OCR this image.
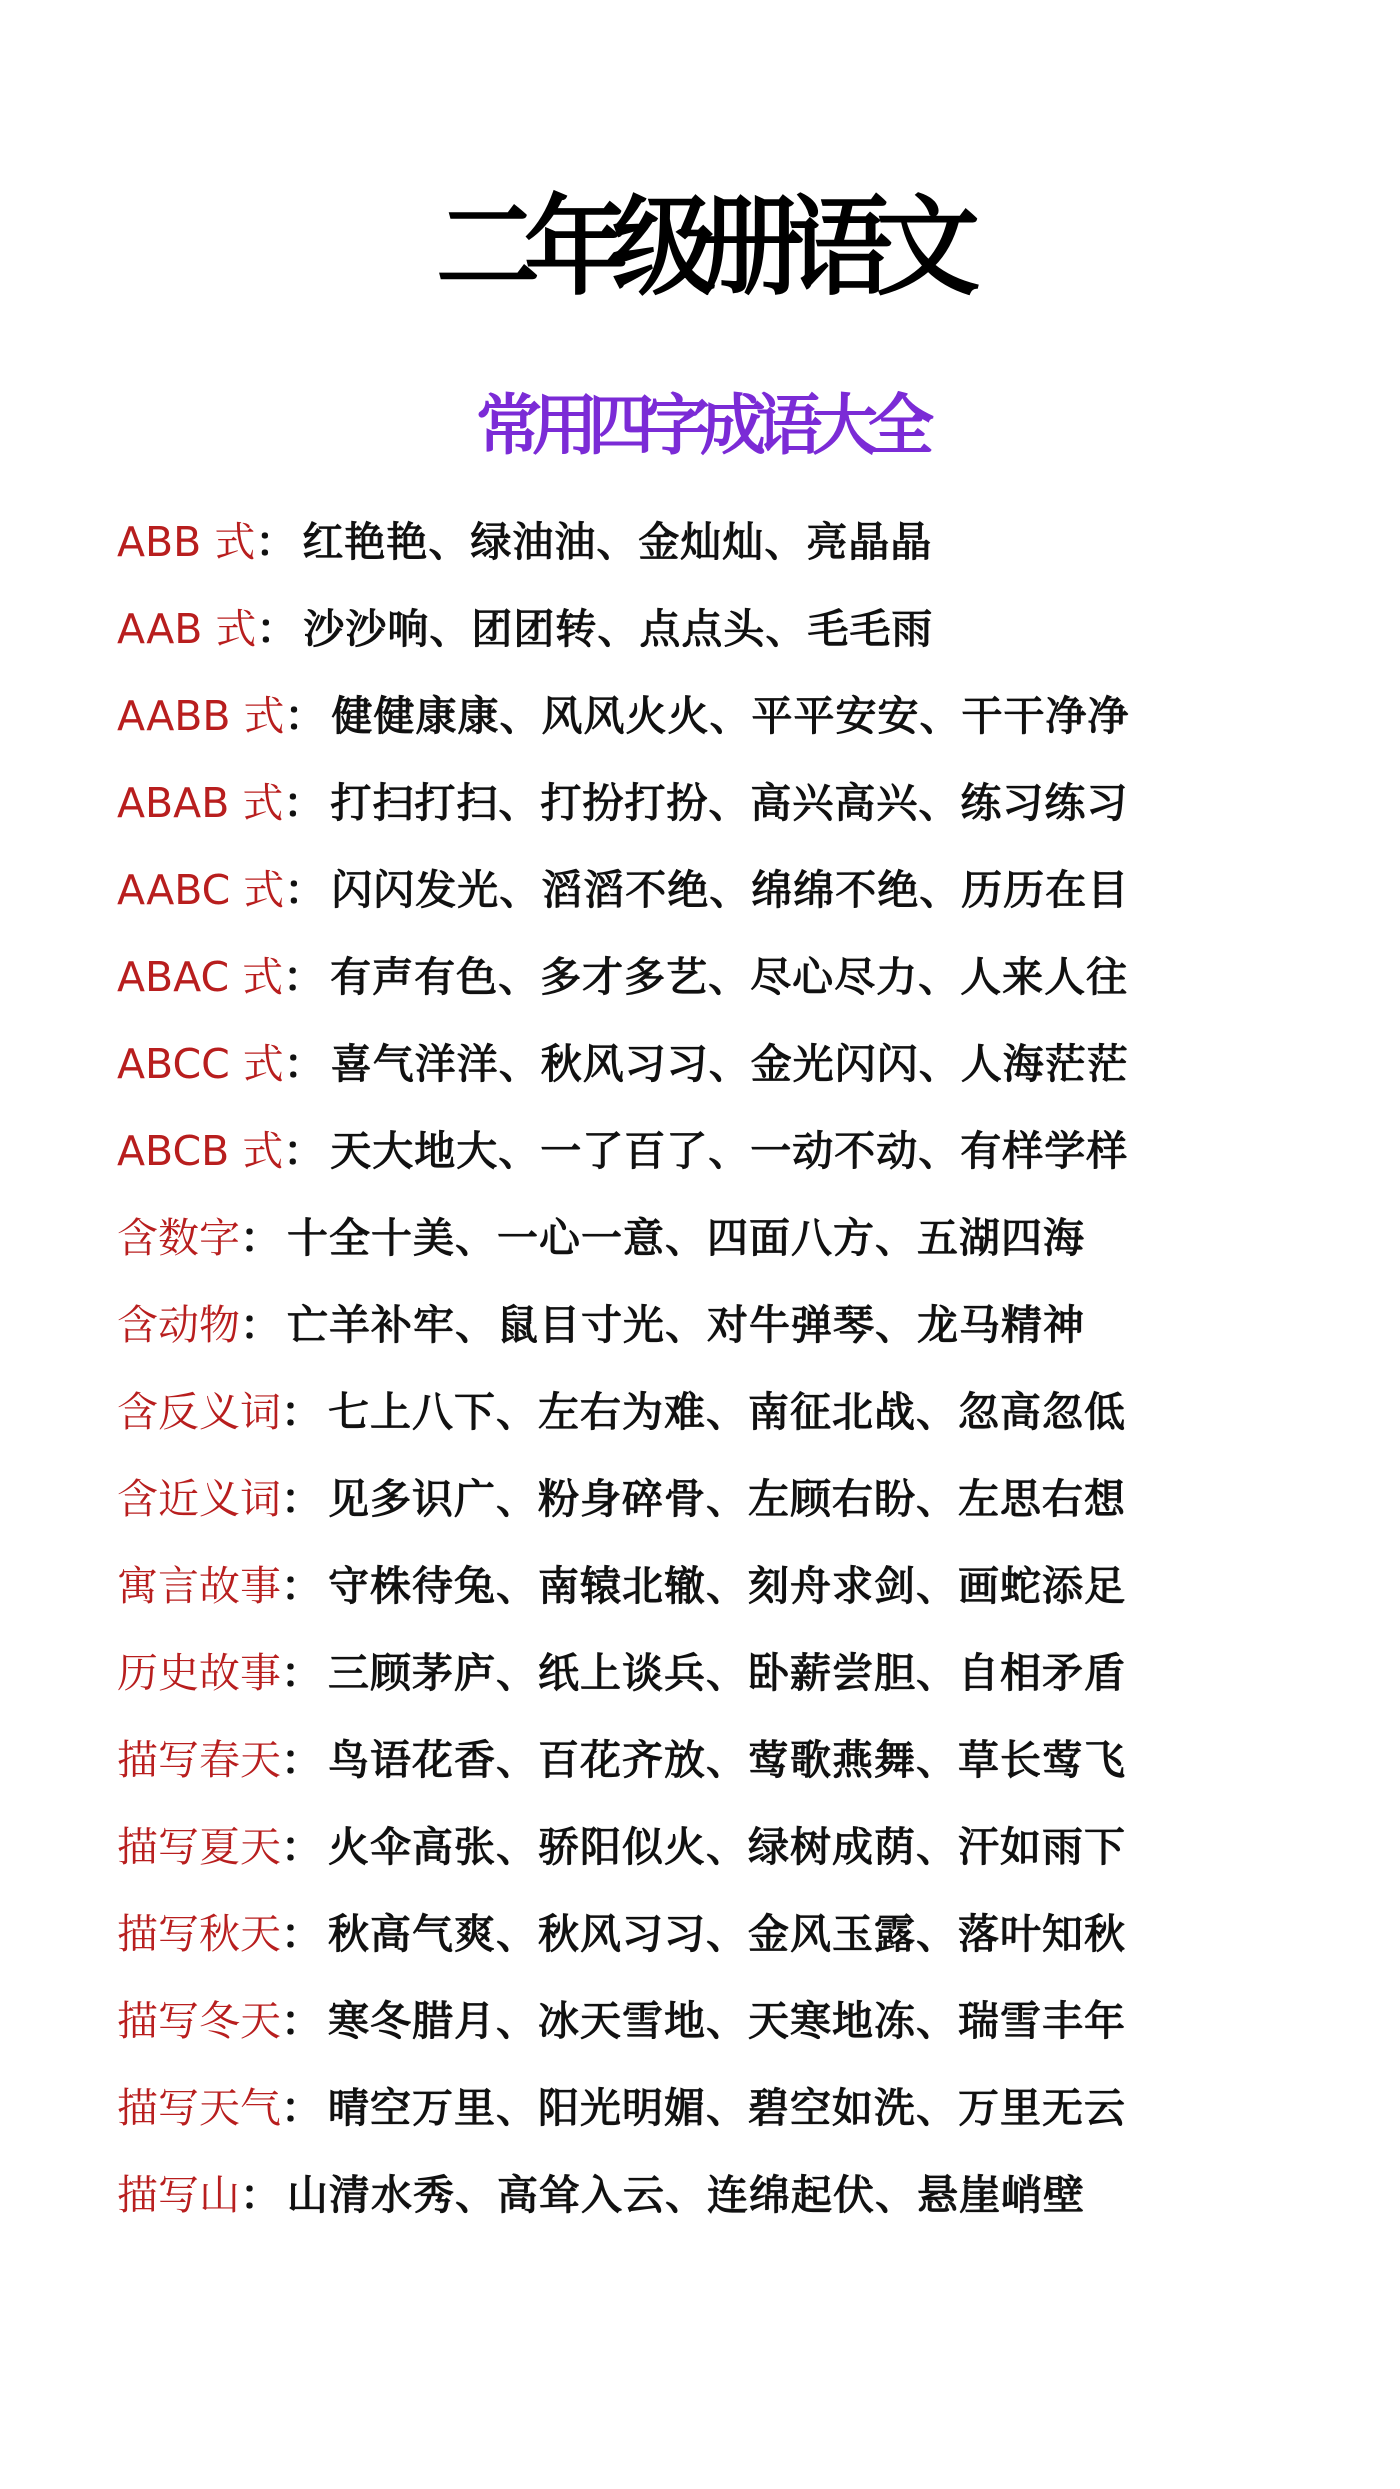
二年级册语文
常用四字成语大全
ABB 式： 红艳艳、绿油油、金灿灿、亮晶晶
AAB 式： 沙沙响、团团转、点点头、毛毛雨
AABB 式： 健健康康、风风火火、平平安安、干干净净
ABAB 式： 打扫打扫、打扮打扮、高兴高兴、练习练习
AABC 式： 闪闪发光、滔滔不绝、绵绵不绝、历历在目
ABAC 式： 有声有色、多才多艺、尽心尽力、人来人往
ABCC 式： 喜气洋洋、秋风习习、金光闪闪、人海茫茫
ABCB 式： 天大地大、一了百了、一动不动、有样学样
含数字： 十全十美、一心一意、四面八方、五湖四海
含动物： 亡羊补牢、鼠目寸光、对牛弹琴、龙马精神
含反义词： 七上八下、左右为难、南征北战、忽高忽低
含近义词： 见多识广、粉身碎骨、左顾右盼、左思右想
寓言故事： 守株待兔、南辕北辙、刻舟求剑、画蛇添足
历史故事： 三顾茅庐、纸上谈兵、卧薪尝胆、自相矛盾
描写春天： 鸟语花香、百花齐放、莺歌燕舞、草长莺飞
描写夏天： 火伞高张、骄阳似火、绿树成荫、汗如雨下
描写秋天： 秋高气爽、秋风习习、金风玉露、落叶知秋
描写冬天： 寒冬腊月、冰天雪地、天寒地冻、瑞雪丰年
描写天气： 晴空万里、阳光明媚、碧空如洗、万里无云
描写山： 山清水秀、高耸入云、连绵起伏、悬崖峭壁
